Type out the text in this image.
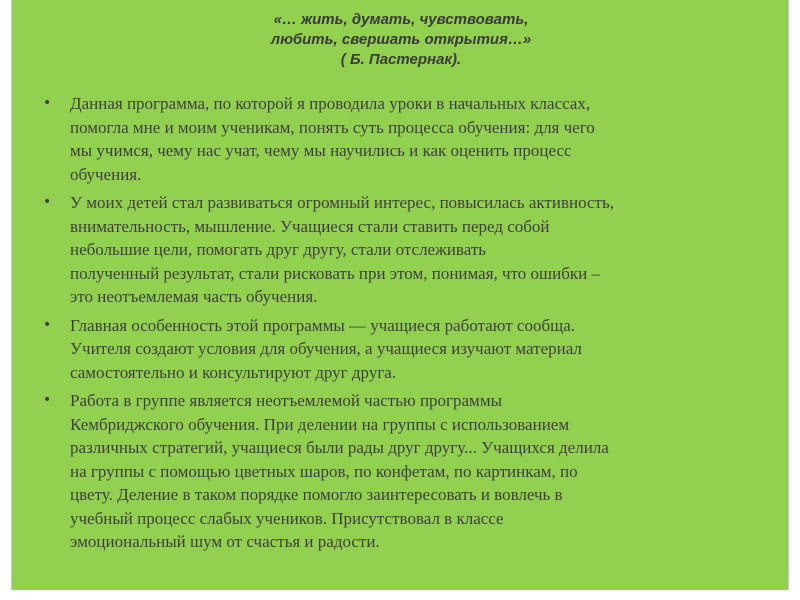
«… жить, думать, чувствовать,
любить, свершать открытия…»
( Б. Пастернак).
• Данная программа, по которой я проводила уроки в начальных классах,
помогла мне и моим ученикам, понять суть процесса обучения: для чего
мы учимся, чему нас учат, чему мы научились и как оценить процесс
обучения.
• У моих детей стал развиваться огромный интерес, повысилась активность,
внимательность, мышление. Учащиеся стали ставить перед собой
небольшие цели, помогать друг другу, стали отслеживать
полученный результат, стали рисковать при этом, понимая, что ошибки –
это неотъемлемая часть обучения.
• Главная особенность этой программы — учащиеся работают сообща.
Учителя создают условия для обучения, а учащиеся изучают материал
самостоятельно и консультируют друг друга.
• Работа в группе является неотъемлемой частью программы
Кембриджского обучения. При делении на группы с использованием
различных стратегий, учащиеся были рады друг другу... Учащихся делила
на группы с помощью цветных шаров, по конфетам, по картинкам, по
цвету. Деление в таком порядке помогло заинтересовать и вовлечь в
учебный процесс слабых учеников. Присутствовал в классе
эмоциональный шум от счастья и радости.
